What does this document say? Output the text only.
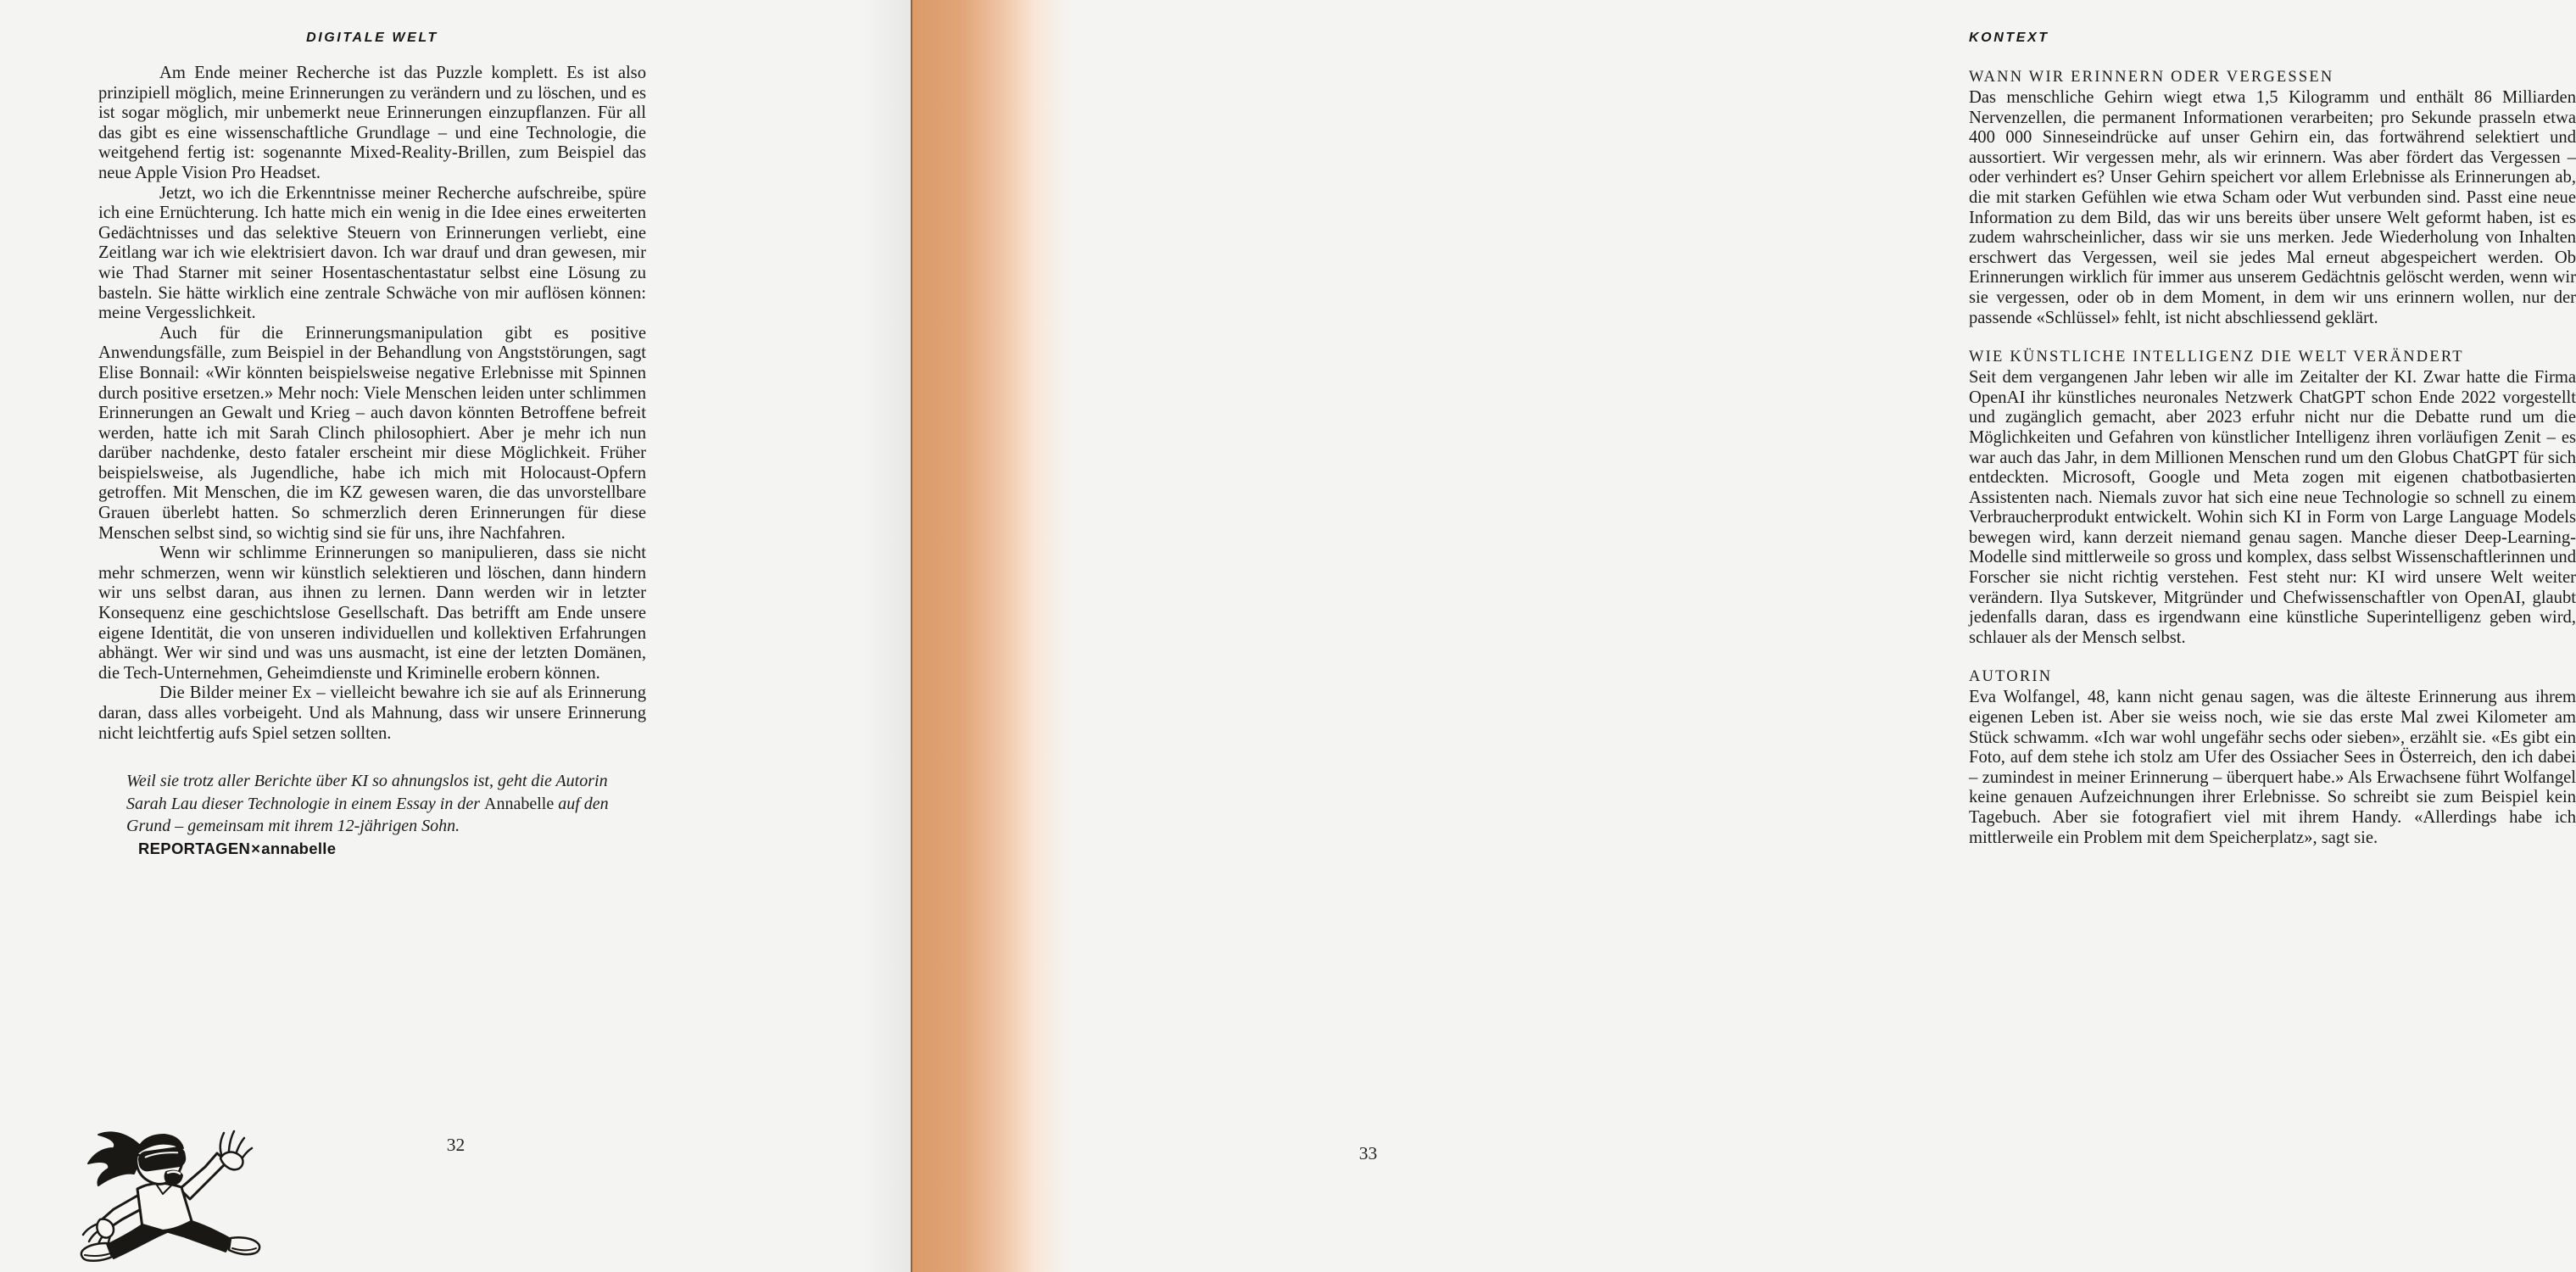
DIGITALE WELT

Am Ende meiner Recherche ist das Puzzle komplett. Es ist also prinzipiell möglich, meine Erinnerungen zu verändern und zu löschen, und es ist sogar möglich, mir unbemerkt neue Erinnerungen einzupflanzen. Für all das gibt es eine wissenschaftliche Grundlage – und eine Technologie, die weitgehend fertig ist: sogenannte Mixed-Reality-Brillen, zum Beispiel das neue Apple Vision Pro Headset.

Jetzt, wo ich die Erkenntnisse meiner Recherche aufschreibe, spüre ich eine Ernüchterung. Ich hatte mich ein wenig in die Idee eines erweiterten Gedächtnisses und das selektive Steuern von Erinnerungen verliebt, eine Zeitlang war ich wie elektrisiert davon. Ich war drauf und dran gewesen, mir wie Thad Starner mit seiner Hosentaschentastatur selbst eine Lösung zu basteln. Sie hätte wirklich eine zentrale Schwäche von mir auflösen können: meine Vergesslichkeit.

Auch für die Erinnerungsmanipulation gibt es positive Anwendungsfälle, zum Beispiel in der Behandlung von Angststörungen, sagt Elise Bonnail: «Wir könnten beispielsweise negative Erlebnisse mit Spinnen durch positive ersetzen.» Mehr noch: Viele Menschen leiden unter schlimmen Erinnerungen an Gewalt und Krieg – auch davon könnten Betroffene befreit werden, hatte ich mit Sarah Clinch philosophiert. Aber je mehr ich nun darüber nachdenke, desto fataler erscheint mir diese Möglichkeit. Früher beispielsweise, als Jugendliche, habe ich mich mit Holocaust-Opfern getroffen. Mit Menschen, die im KZ gewesen waren, die das unvorstellbare Grauen überlebt hatten. So schmerzlich deren Erinnerungen für diese Menschen selbst sind, so wichtig sind sie für uns, ihre Nachfahren.

Wenn wir schlimme Erinnerungen so manipulieren, dass sie nicht mehr schmerzen, wenn wir künstlich selektieren und löschen, dann hindern wir uns selbst daran, aus ihnen zu lernen. Dann werden wir in letzter Konsequenz eine geschichtslose Gesellschaft. Das betrifft am Ende unsere eigene Identität, die von unseren individuellen und kollektiven Erfahrungen abhängt. Wer wir sind und was uns ausmacht, ist eine der letzten Domänen, die Tech-Unternehmen, Geheimdienste und Kriminelle erobern können.

Die Bilder meiner Ex – vielleicht bewahre ich sie auf als Erinnerung daran, dass alles vorbeigeht. Und als Mahnung, dass wir unsere Erinnerung nicht leichtfertig aufs Spiel setzen sollten.

Weil sie trotz aller Berichte über KI so ahnungslos ist, geht die Autorin Sarah Lau dieser Technologie in einem Essay in der Annabelle auf den Grund – gemeinsam mit ihrem 12-jährigen Sohn. REPORTAGEN×annabelle
32
KONTEXT
WANN WIR ERINNERN ODER VERGESSEN

Das menschliche Gehirn wiegt etwa 1,5 Kilogramm und enthält 86 Milliarden Nervenzellen, die permanent Informationen verarbeiten; pro Sekunde prasseln etwa 400 000 Sinneseindrücke auf unser Gehirn ein, das fortwährend selektiert und aussortiert. Wir vergessen mehr, als wir erinnern. Was aber fördert das Vergessen – oder verhindert es? Unser Gehirn speichert vor allem Erlebnisse als Erinnerungen ab, die mit starken Gefühlen wie etwa Scham oder Wut verbunden sind. Passt eine neue Information zu dem Bild, das wir uns bereits über unsere Welt geformt haben, ist es zudem wahrscheinlicher, dass wir sie uns merken. Jede Wiederholung von Inhalten erschwert das Vergessen, weil sie jedes Mal erneut abgespeichert werden. Ob Erinnerungen wirklich für immer aus unserem Gedächtnis gelöscht werden, wenn wir sie vergessen, oder ob in dem Moment, in dem wir uns erinnern wollen, nur der passende «Schlüssel» fehlt, ist nicht abschliessend geklärt.

WIE KÜNSTLICHE INTELLIGENZ DIE WELT VERÄNDERT

Seit dem vergangenen Jahr leben wir alle im Zeitalter der KI. Zwar hatte die Firma OpenAI ihr künstliches neuronales Netzwerk ChatGPT schon Ende 2022 vorgestellt und zugänglich gemacht, aber 2023 erfuhr nicht nur die Debatte rund um die Möglichkeiten und Gefahren von künstlicher Intelligenz ihren vorläufigen Zenit – es war auch das Jahr, in dem Millionen Menschen rund um den Globus ChatGPT für sich entdeckten. Microsoft, Google und Meta zogen mit eigenen chatbotbasierten Assistenten nach. Niemals zuvor hat sich eine neue Technologie so schnell zu einem Verbraucherprodukt entwickelt. Wohin sich KI in Form von Large Language Models bewegen wird, kann derzeit niemand genau sagen. Manche dieser Deep-Learning-Modelle sind mittlerweile so gross und komplex, dass selbst Wissenschaftlerinnen und Forscher sie nicht richtig verstehen. Fest steht nur: KI wird unsere Welt weiter verändern. Ilya Sutskever, Mitgründer und Chefwissenschaftler von OpenAI, glaubt jedenfalls daran, dass es irgendwann eine künstliche Superintelligenz geben wird, schlauer als der Mensch selbst.

AUTORIN

Eva Wolfangel, 48, kann nicht genau sagen, was die älteste Erinnerung aus ihrem eigenen Leben ist. Aber sie weiss noch, wie sie das erste Mal zwei Kilometer am Stück schwamm. «Ich war wohl ungefähr sechs oder sieben», erzählt sie. «Es gibt ein Foto, auf dem stehe ich stolz am Ufer des Ossiacher Sees in Österreich, den ich dabei – zumindest in meiner Erinnerung – überquert habe.» Als Erwachsene führt Wolfangel keine genauen Aufzeichnungen ihrer Erlebnisse. So schreibt sie zum Beispiel kein Tagebuch. Aber sie fotografiert viel mit ihrem Handy. «Allerdings habe ich mittlerweile ein Problem mit dem Speicherplatz», sagt sie.

33
